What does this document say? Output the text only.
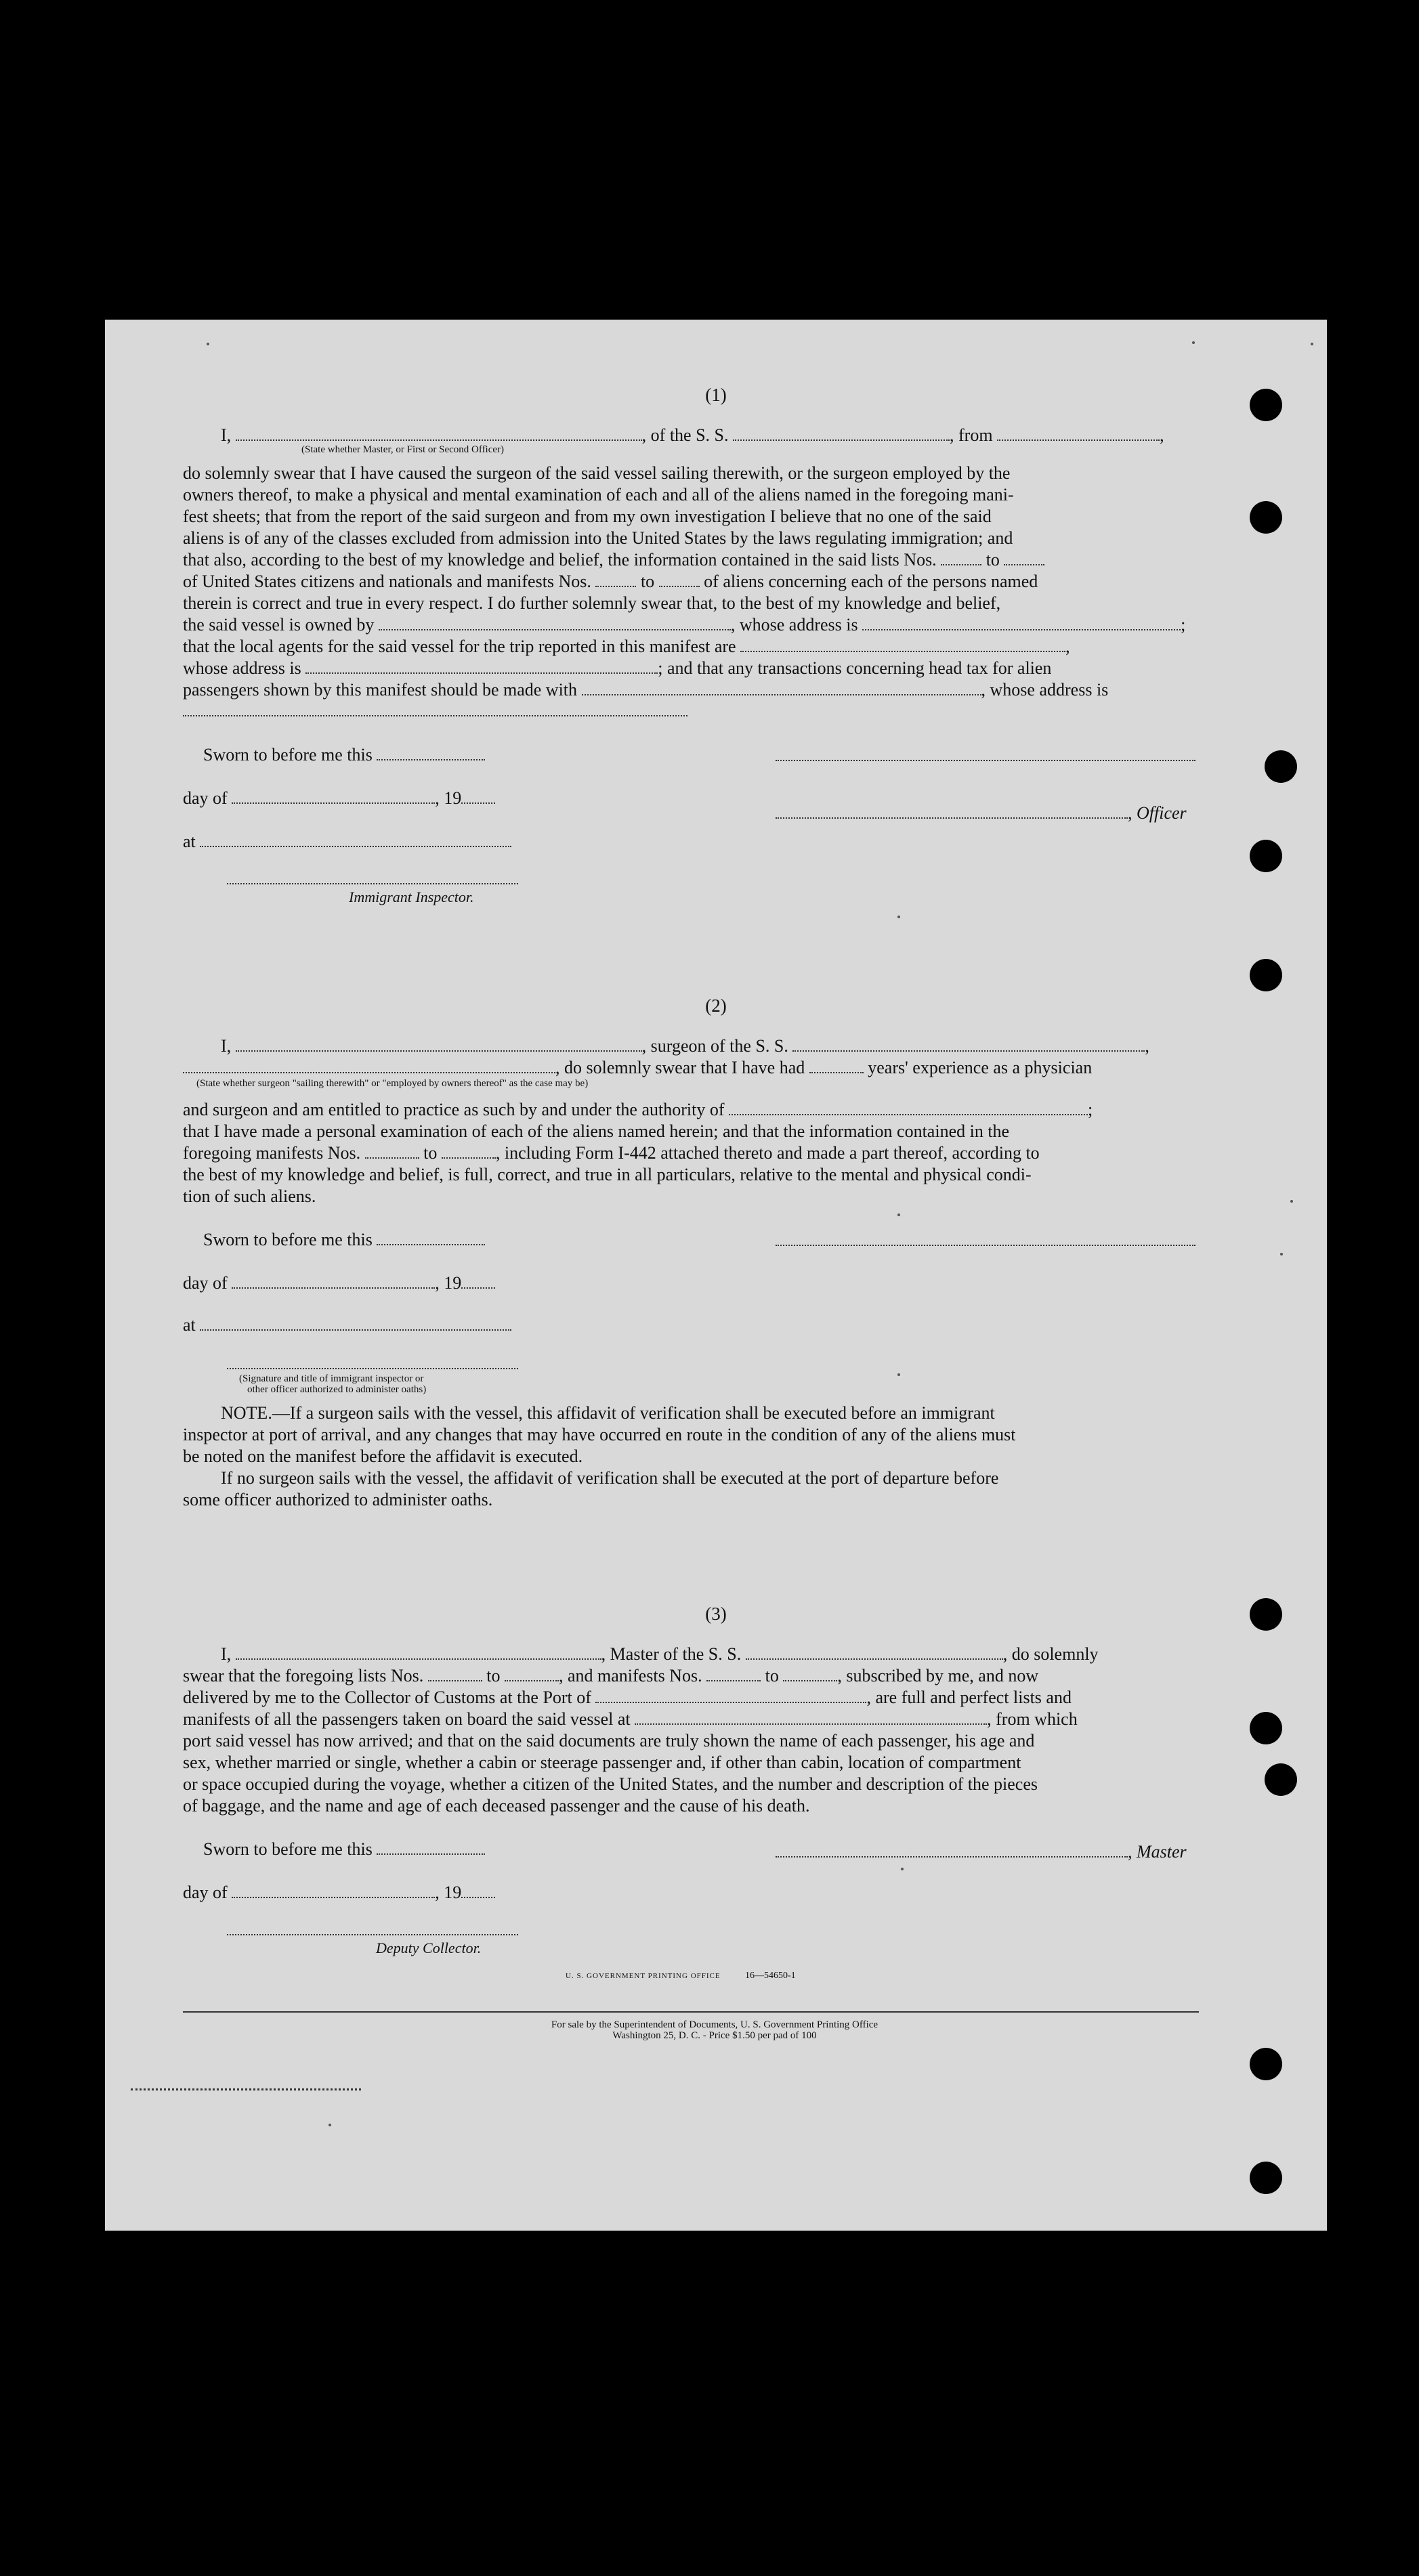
(1)
I,	, of the S. S.	, from	,
(State whether Master, or First or Second Officer)
do solemnly swear that I have caused the surgeon of the said vessel sailing therewith, or the surgeon employed by the
owners thereof, to make a physical and mental examination of each and all of the aliens named in the foregoing mani-
fest sheets; that from the report of the said surgeon and from my own investigation I believe that no one of the said
aliens is of any of the classes excluded from admission into the United States by the laws regulating immigration; and
that also, according to the best of my knowledge and belief, the information contained in the said lists Nos.	to
of United States citizens and nationals and manifests Nos.	to	of aliens concerning each of the persons named
therein is correct and true in every respect. I do further solemnly swear that, to the best of my knowledge and belief,
the said vessel is owned by	, whose address is	;
that the local agents for the said vessel for the trip reported in this manifest are	,
whose address is	; and that any transactions concerning head tax for alien
passengers shown by this manifest should be made with	, whose address is
Sworn to before me this
day of	, 19
, Officer
at
Immigrant Inspector.
(2)
I,	, surgeon of the S. S.	,
, do solemnly swear that I have had	years' experience as a physician
(State whether surgeon "sailing therewith" or "employed by owners thereof" as the case may be)
and surgeon and am entitled to practice as such by and under the authority of	;
that I have made a personal examination of each of the aliens named herein; and that the information contained in the
foregoing manifests Nos.	to	, including Form I-442 attached thereto and made a part thereof, according to
the best of my knowledge and belief, is full, correct, and true in all particulars, relative to the mental and physical condi-
tion of such aliens.
Sworn to before me this
day of	, 19
at
(Signature and title of immigrant inspector or
other officer authorized to administer oaths)
NOTE.—If a surgeon sails with the vessel, this affidavit of verification shall be executed before an immigrant
inspector at port of arrival, and any changes that may have occurred en route in the condition of any of the aliens must
be noted on the manifest before the affidavit is executed.
If no surgeon sails with the vessel, the affidavit of verification shall be executed at the port of departure before
some officer authorized to administer oaths.
(3)
I,	, Master of the S. S.	, do solemnly
swear that the foregoing lists Nos.	to	, and manifests Nos.	to	, subscribed by me, and now
delivered by me to the Collector of Customs at the Port of	, are full and perfect lists and
manifests of all the passengers taken on board the said vessel at	, from which
port said vessel has now arrived; and that on the said documents are truly shown the name of each passenger, his age and
sex, whether married or single, whether a cabin or steerage passenger and, if other than cabin, location of compartment
or space occupied during the voyage, whether a citizen of the United States, and the number and description of the pieces
of baggage, and the name and age of each deceased passenger and the cause of his death.
Sworn to before me this	, Master
day of	, 19
Deputy Collector.
U. S. GOVERNMENT PRINTING OFFICE	16—54650-1
For sale by the Superintendent of Documents, U. S. Government Printing Office
Washington 25, D. C. - Price $1.50 per pad of 100
